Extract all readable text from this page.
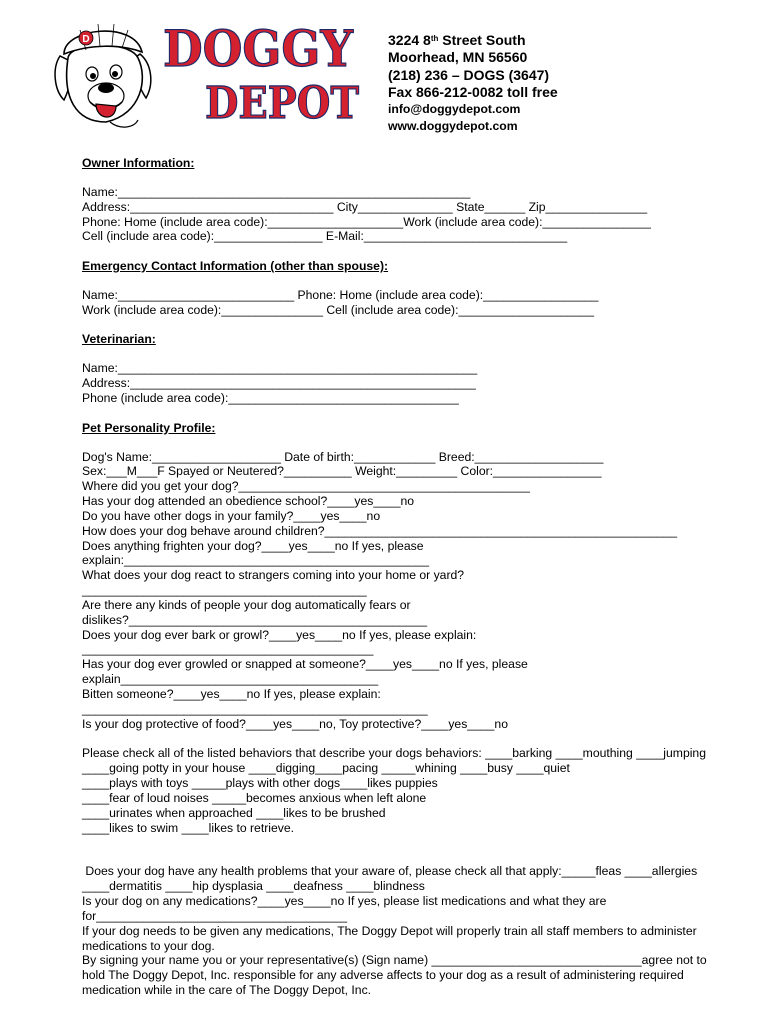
D DOGGY
DEPOT
3224 8th Street South
Moorhead, MN 56560
(218) 236 – DOGS (3647)
Fax 866-212-0082 toll free
info@doggydepot.com
www.doggydepot.com
Owner Information:
Name:____________________________________________________
Address:______________________________ City______________ State______ Zip_______________
Phone: Home (include area code):____________________Work (include area code):________________
Cell (include area code):________________ E-Mail:______________________________
Emergency Contact Information (other than spouse):
Name:__________________________ Phone: Home (include area code):_________________
Work (include area code):_______________ Cell (include area code):____________________
Veterinarian:
Name:_____________________________________________________
Address:___________________________________________________
Phone (include area code):__________________________________
Pet Personality Profile:
Dog's Name:___________________ Date of birth:____________ Breed:___________________
Sex:___M___F Spayed or Neutered?__________ Weight:_________ Color:________________
Where did you get your dog?___________________________________________
Has your dog attended an obedience school?____yes____no
Do you have other dogs in your family?____yes____no
How does your dog behave around children?____________________________________________________
Does anything frighten your dog?____yes____no If yes, please
explain:_____________________________________________
What does your dog react to strangers coming into your home or yard?
__________________________________________
Are there any kinds of people your dog automatically fears or
dislikes?____________________________________________
Does your dog ever bark or growl?____yes____no If yes, please explain:
___________________________________________
Has your dog ever growled or snapped at someone?____yes____no If yes, please
explain______________________________________
Bitten someone?____yes____no If yes, please explain:
___________________________________________________
Is your dog protective of food?____yes____no, Toy protective?____yes____no
Please check all of the listed behaviors that describe your dogs behaviors: ____barking ____mouthing ____jumping
____going potty in your house ____digging____pacing _____whining ____busy ____quiet
____plays with toys _____plays with other dogs____likes puppies
____fear of loud noises _____becomes anxious when left alone
____urinates when approached ____likes to be brushed
____likes to swim ____likes to retrieve.
Does your dog have any health problems that your aware of, please check all that apply:_____fleas ____allergies
____dermatitis ____hip dysplasia ____deafness ____blindness
Is your dog on any medications?____yes____no If yes, please list medications and what they are
for_____________________________________
If your dog needs to be given any medications, The Doggy Depot will properly train all staff members to administer
medications to your dog.
By signing your name you or your representative(s) (Sign name) _______________________________agree not to
hold The Doggy Depot, Inc. responsible for any adverse affects to your dog as a result of administering required
medication while in the care of The Doggy Depot, Inc.
